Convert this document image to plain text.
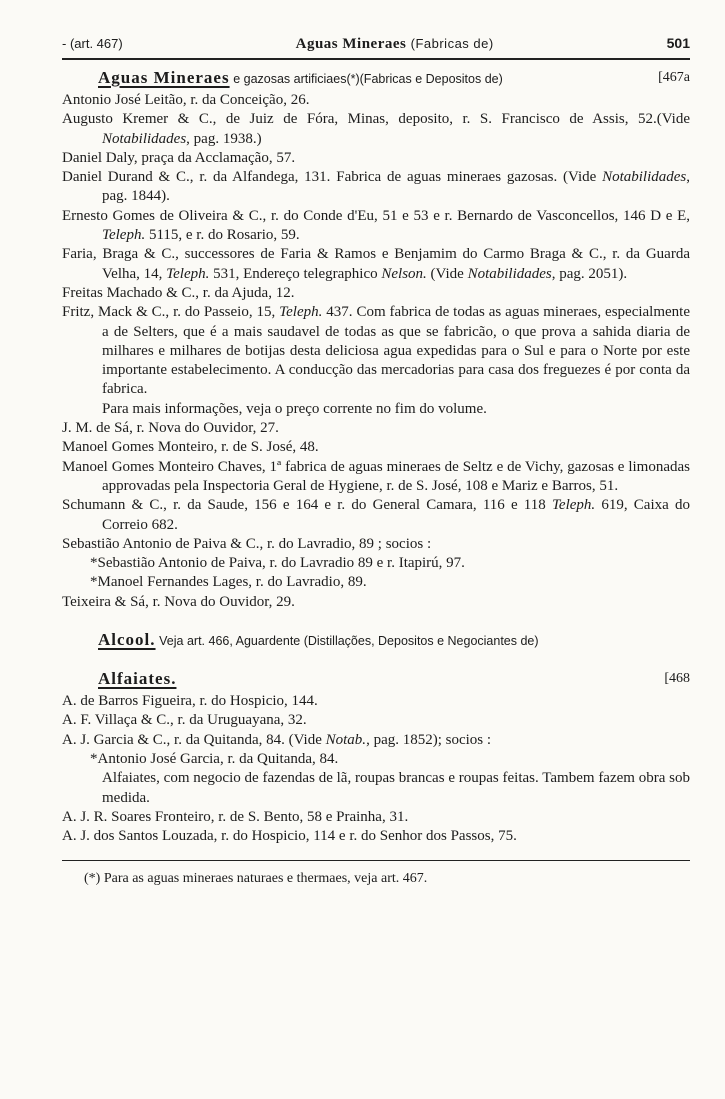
- (art. 467)	Aguas Mineraes (Fabricas de)	501
Aguas Mineraes e gazosas artificiaes(*)(Fabricas e Depositos de)	[467a
Antonio José Leitão, r. da Conceição, 26.
Augusto Kremer & C., de Juiz de Fóra, Minas, deposito, r. S. Francisco de Assis, 52.(Vide Notabilidades, pag. 1938.)
Daniel Daly, praça da Acclamação, 57.
Daniel Durand & C., r. da Alfandega, 131. Fabrica de aguas mineraes gazosas. (Vide Notabilidades, pag. 1844).
Ernesto Gomes de Oliveira & C., r. do Conde d'Eu, 51 e 53 e r. Bernardo de Vasconcellos, 146 D e E, Teleph. 5115, e r. do Rosario, 59.
Faria, Braga & C., successores de Faria & Ramos e Benjamim do Carmo Braga & C., r. da Guarda Velha, 14, Teleph. 531, Endereço telegraphico Nelson. (Vide Notabilidades, pag. 2051).
Freitas Machado & C., r. da Ajuda, 12.
Fritz, Mack & C., r. do Passeio, 15, Teleph. 437. Com fabrica de todas as aguas mineraes, especialmente a de Selters, que é a mais saudavel de todas as que se fabricão, o que prova a sahida diaria de milhares e milhares de botijas desta deliciosa agua expedidas para o Sul e para o Norte por este importante estabelecimento. A conducção das mercadorias para casa dos freguezes é por conta da fabrica.
Para mais informações, veja o preço corrente no fim do volume.
J. M. de Sá, r. Nova do Ouvidor, 27.
Manoel Gomes Monteiro, r. de S. José, 48.
Manoel Gomes Monteiro Chaves, 1ª fabrica de aguas mineraes de Seltz e de Vichy, gazosas e limonadas approvadas pela Inspectoria Geral de Hygiene, r. de S. José, 108 e Mariz e Barros, 51.
Schumann & C., r. da Saude, 156 e 164 e r. do General Camara, 116 e 118 Teleph. 619, Caixa do Correio 682.
Sebastião Antonio de Paiva & C., r. do Lavradio, 89 ; socios :
*Sebastião Antonio de Paiva, r. do Lavradio 89 e r. Itapirú, 97.
*Manoel Fernandes Lages, r. do Lavradio, 89.
Teixeira & Sá, r. Nova do Ouvidor, 29.
Alcool. Veja art. 466, Aguardente (Distillações, Depositos e Negociantes de)
Alfaiates.	[468
A. de Barros Figueira, r. do Hospicio, 144.
A. F. Villaça & C., r. da Uruguayana, 32.
A. J. Garcia & C., r. da Quitanda, 84. (Vide Notab., pag. 1852); socios :
*Antonio José Garcia, r. da Quitanda, 84.
Alfaiates, com negocio de fazendas de lã, roupas brancas e roupas feitas. Tambem fazem obra sob medida.
A. J. R. Soares Fronteiro, r. de S. Bento, 58 e Prainha, 31.
A. J. dos Santos Louzada, r. do Hospicio, 114 e r. do Senhor dos Passos, 75.
(*) Para as aguas mineraes naturaes e thermaes, veja art. 467.
